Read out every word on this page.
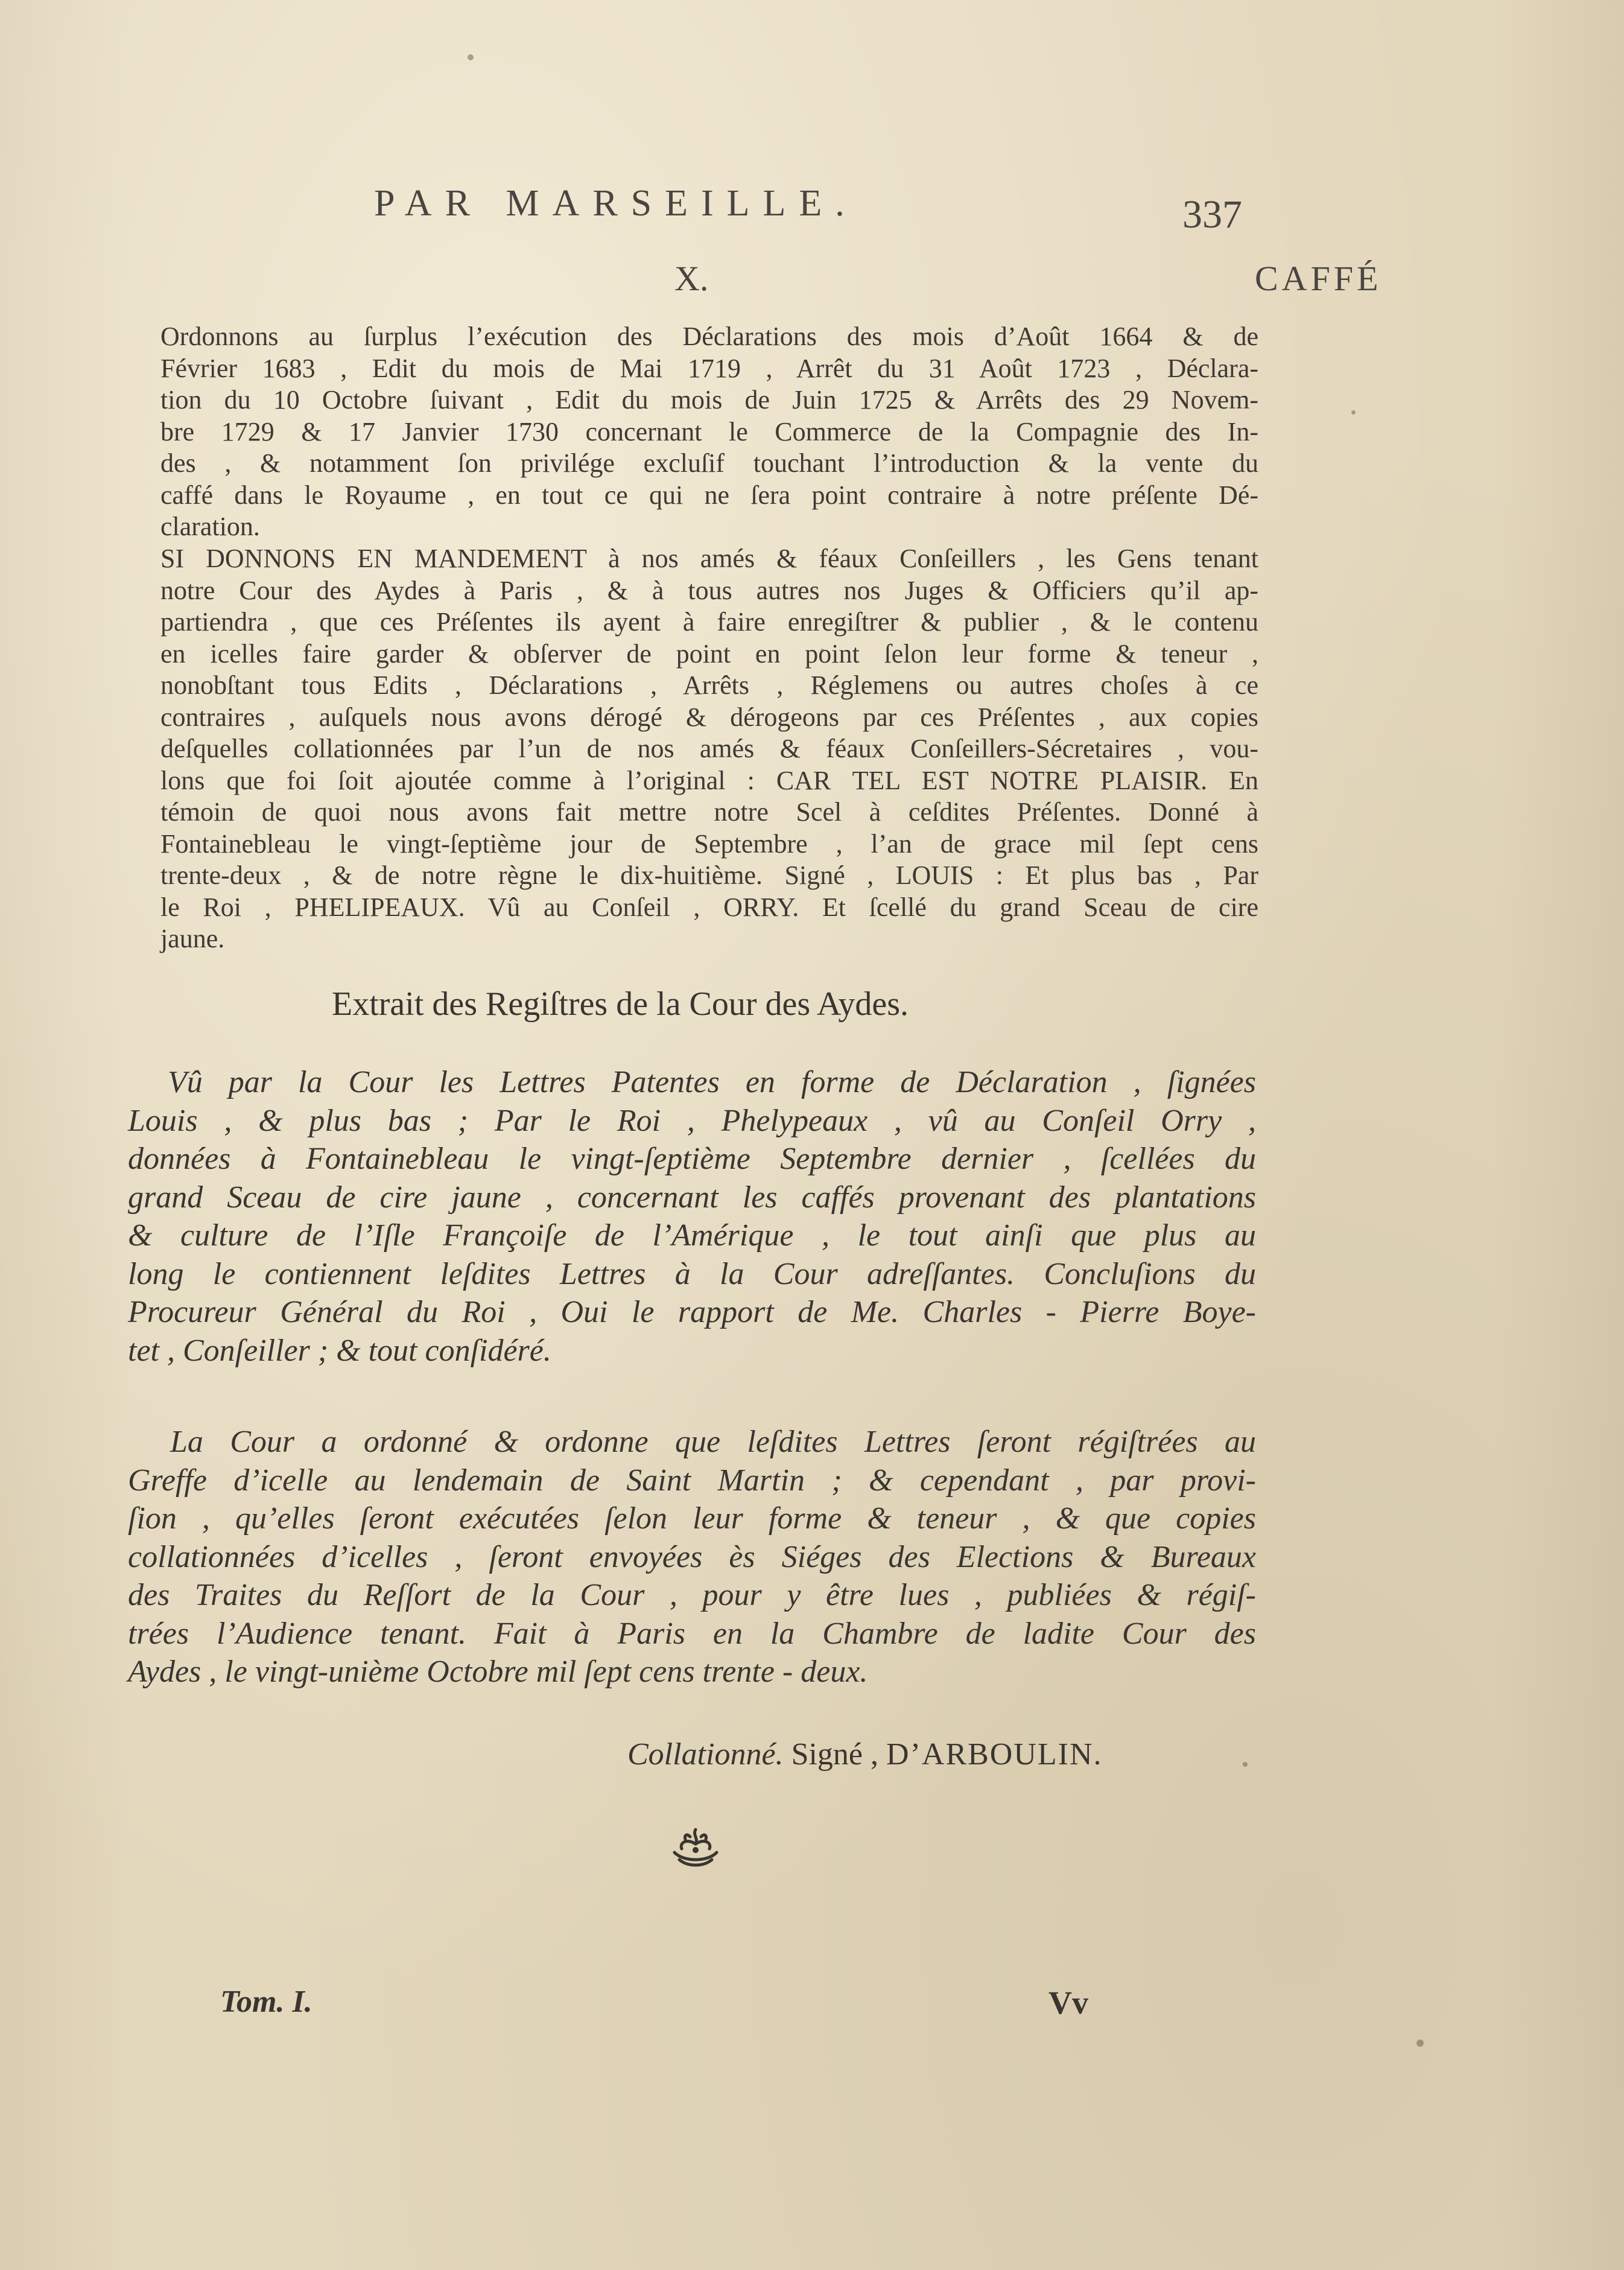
PAR MARSEILLE.	337
X.	CAFFÉ
Ordonnons au ſurplus l’exécution des Déclarations des mois d’Août 1664 & de
Février 1683 , Edit du mois de Mai 1719 , Arrêt du 31 Août 1723 , Déclara-
tion du 10 Octobre ſuivant , Edit du mois de Juin 1725 & Arrêts des 29 Novem-
bre 1729 & 17 Janvier 1730 concernant le Commerce de la Compagnie des In-
des , & notamment ſon privilége excluſif touchant l’introduction & la vente du
caffé dans le Royaume , en tout ce qui ne ſera point contraire à notre préſente Dé-
claration.
SI DONNONS EN MANDEMENT à nos amés & féaux Conſeillers , les Gens tenant
notre Cour des Aydes à Paris , & à tous autres nos Juges & Officiers qu’il ap-
partiendra , que ces Préſentes ils ayent à faire enregiſtrer & publier , & le contenu
en icelles faire garder & obſerver de point en point ſelon leur forme & teneur ,
nonobſtant tous Edits , Déclarations , Arrêts , Réglemens ou autres choſes à ce
contraires , auſquels nous avons dérogé & dérogeons par ces Préſentes , aux copies
deſquelles collationnées par l’un de nos amés & féaux Conſeillers-Sécretaires , vou-
lons que foi ſoit ajoutée comme à l’original : CAR TEL EST NOTRE PLAISIR. En
témoin de quoi nous avons fait mettre notre Scel à ceſdites Préſentes. Donné à
Fontainebleau le vingt-ſeptième jour de Septembre , l’an de grace mil ſept cens
trente-deux , & de notre règne le dix-huitième. Signé , LOUIS : Et plus bas , Par
le Roi , PHELIPEAUX. Vû au Conſeil , ORRY. Et ſcellé du grand Sceau de cire
jaune.
Extrait des Regiſtres de la Cour des Aydes.
Vû par la Cour les Lettres Patentes en forme de Déclaration , ſignées
Louis , & plus bas ; Par le Roi , Phelypeaux , vû au Conſeil Orry ,
données à Fontainebleau le vingt-ſeptième Septembre dernier , ſcellées du
grand Sceau de cire jaune , concernant les caffés provenant des plantations
& culture de l’Iſle Françoiſe de l’Amérique , le tout ainſi que plus au
long le contiennent leſdites Lettres à la Cour adreſſantes. Concluſions du
Procureur Général du Roi , Oui le rapport de Me. Charles - Pierre Boye-
tet , Conſeiller ; & tout conſidéré.
La Cour a ordonné & ordonne que leſdites Lettres ſeront régiſtrées au
Greffe d’icelle au lendemain de Saint Martin ; & cependant , par provi-
ſion , qu’elles ſeront exécutées ſelon leur forme & teneur , & que copies
collationnées d’icelles , ſeront envoyées ès Siéges des Elections & Bureaux
des Traites du Reſſort de la Cour , pour y être lues , publiées & régiſ-
trées l’Audience tenant. Fait à Paris en la Chambre de ladite Cour des
Aydes , le vingt-unième Octobre mil ſept cens trente - deux.
Collationné. Signé , D’ARBOULIN.
Tom. I.	Vv
